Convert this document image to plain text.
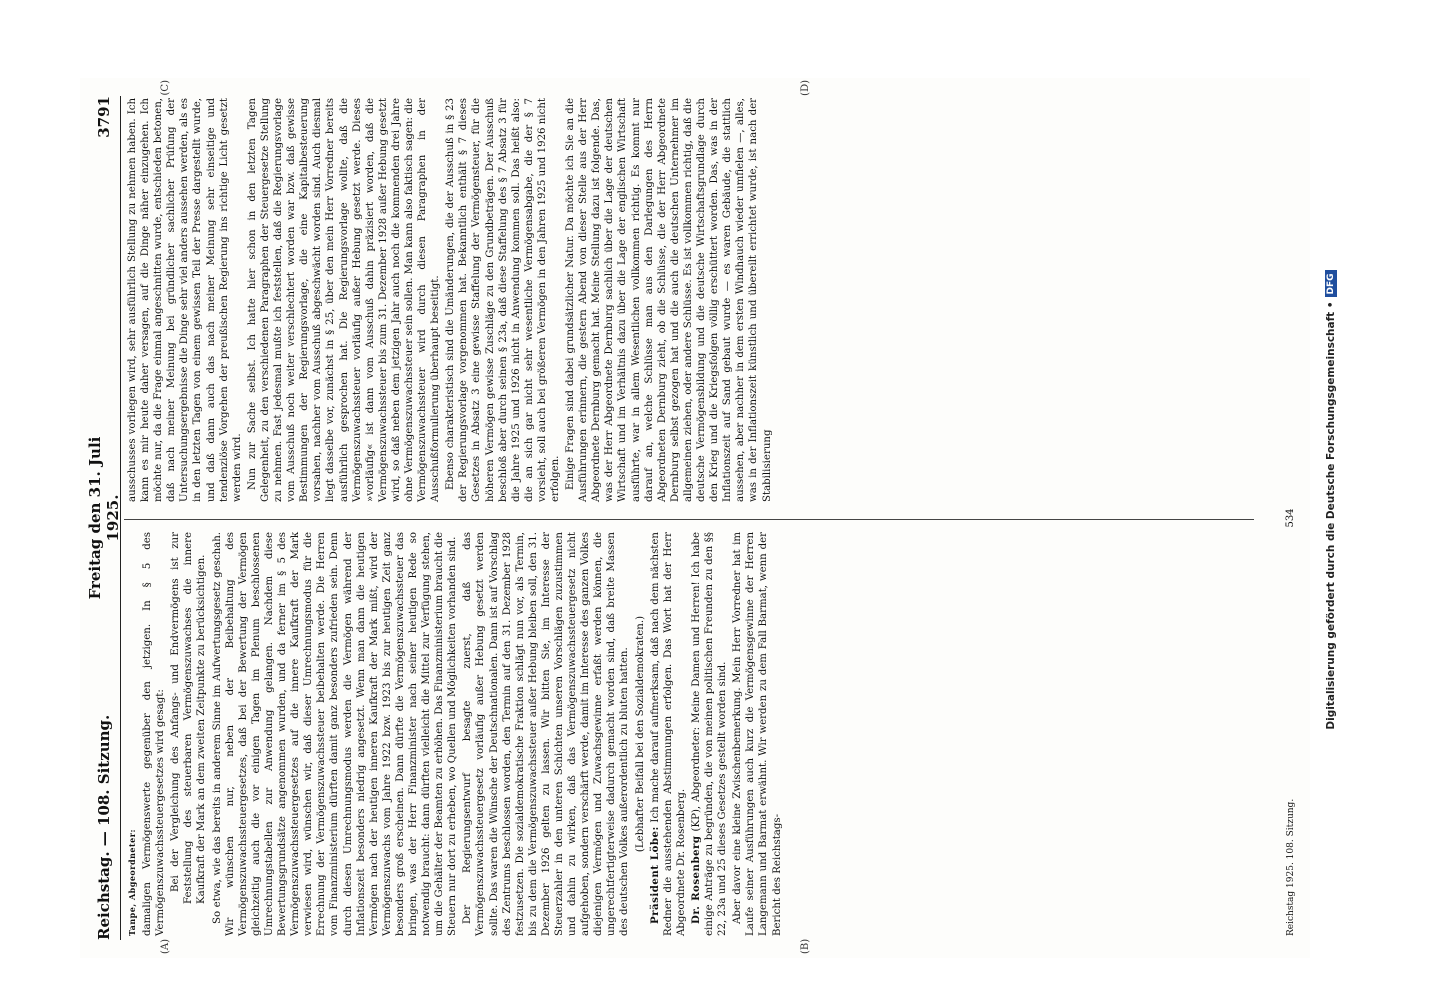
Reichstag. — 108. Sitzung.
Freitag den 31. Juli 1925.
3791
(A)	(B)
(C)	(D)

Tanpe, Abgeordneter: damaligen Vermögenswerte gegenüber den jetzigen. In § 5 des Vermögenszuwachssteuergesetzes wird gesagt: Bei der Vergleichung des Anfangs- und Endvermögens ist zur Feststellung des steuerbaren Vermögenszuwachses die innere Kaufkraft der Mark an dem zweiten Zeitpunkte zu berücksichtigen. So etwa, wie das bereits in anderem Sinne im Aufwertungsgesetz geschah. Wir wünschen nur, neben der Beibehaltung des Vermögenszuwachssteuergesetzes, daß bei der Bewertung der Vermögen gleichzeitig auch die vor einigen Tagen im Plenum beschlossenen Umrechnungstabellen zur Anwendung gelangen. Nachdem diese Bewertungsgrundsätze angenommen wurden, und da ferner im § 5 des Vermögenszuwachssteuergesetzes auf die innere Kaufkraft der Mark verwiesen wird, wünschen wir, daß dieser Umrechnungsmodus für die Errechnung der Vermögenszuwachssteuer beibehalten werde. Die Herren vom Finanzministerium dürften damit ganz besonders zufrieden sein. Denn durch diesen Umrechnungsmodus werden die Vermögen während der Inflationszeit besonders niedrig angesetzt. Wenn man dann die heutigen Vermögen nach der heutigen inneren Kaufkraft der Mark mißt, wird der Vermögenszuwachs vom Jahre 1922 bzw. 1923 bis zur heutigen Zeit ganz besonders groß erscheinen. Dann dürfte die Vermögenszuwachssteuer das bringen, was der Herr Finanzminister nach seiner heutigen Rede so notwendig braucht: dann dürften vielleicht die Mittel zur Verfügung stehen, um die Gehälter der Beamten zu erhöhen. Das Finanzministerium braucht die Steuern nur dort zu erheben, wo Quellen und Möglichkeiten vorhanden sind. Der Regierungsentwurf besagte zuerst, daß das Vermögenszuwachssteuergesetz vorläufig außer Hebung gesetzt werden sollte. Das waren die Wünsche der Deutschnationalen. Dann ist auf Vorschlag des Zentrums beschlossen worden, den Termin auf den 31. Dezember 1928 festzusetzen. Die sozialdemokratische Fraktion schlägt nun vor, als Termin, bis zu dem die Vermögenszuwachssteuer außer Hebung bleiben soll, den 31. Dezember 1926 gelten zu lassen. Wir bitten Sie, im Interesse der Steuerzahler in den unteren Schichten unseren Vorschlägen zuzustimmen und dahin zu wirken, daß das Vermögenszuwachssteuergesetz nicht aufgehoben, sondern verschärft werde, damit im Interesse des ganzen Volkes diejenigen Vermögen und Zuwachsgewinne erfaßt werden können, die ungerechtfertigterweise dadurch gemacht worden sind, daß breite Massen des deutschen Volkes außerordentlich zu bluten hatten. (Lebhafter Beifall bei den Sozialdemokraten.)

Präsident Löbe: Ich mache darauf aufmerksam, daß nach dem nächsten Redner die ausstehenden Abstimmungen erfolgen. Das Wort hat der Herr Abgeordnete Dr. Rosenberg. Dr. Rosenberg (KP), Abgeordneter: Meine Damen und Herren! Ich habe einige Anträge zu begründen, die von meinen politischen Freunden zu den §§ 22, 23a und 25 dieses Gesetzes gestellt worden sind. Aber davor eine kleine Zwischenbemerkung. Mein Herr Vorredner hat im Laufe seiner Ausführungen auch kurz die Vermögensgewinne der Herren Langemann und Barmat erwähnt. Wir werden zu dem Fall Barmat, wenn der Bericht des Reichstags-

ausschusses vorliegen wird, sehr ausführlich Stellung zu nehmen haben. Ich kann es mir heute daher versagen, auf die Dinge näher einzugehen. Ich möchte nur, da die Frage einmal angeschnitten wurde, entschieden betonen, daß nach meiner Meinung bei gründlicher sachlicher Prüfung der Untersuchungsergebnisse die Dinge sehr viel anders aussehen werden, als es in den letzten Tagen von einem gewissen Teil der Presse dargestellt wurde, und daß dann auch das nach meiner Meinung sehr einseitige und tendenziöse Vorgehen der preußischen Regierung ins richtige Licht gesetzt werden wird. Nun zur Sache selbst. Ich hatte hier schon in den letzten Tagen Gelegenheit, zu den verschiedenen Paragraphen der Steuergesetze Stellung zu nehmen. Fast jedesmal mußte ich feststellen, daß die Regierungsvorlage vom Ausschuß noch weiter verschlechtert worden war bzw. daß gewisse Bestimmungen der Regierungsvorlage, die eine Kapitalbesteuerung vorsahen, nachher vom Ausschuß abgeschwächt worden sind. Auch diesmal liegt dasselbe vor, zunächst in § 25, über den mein Herr Vorredner bereits ausführlich gesprochen hat. Die Regierungsvorlage wollte, daß die Vermögenszuwachssteuer vorläufig außer Hebung gesetzt werde. Dieses »vorläufig« ist dann vom Ausschuß dahin präzisiert worden, daß die Vermögenszuwachssteuer bis zum 31. Dezember 1928 außer Hebung gesetzt wird, so daß neben dem jetzigen Jahr auch noch die kommenden drei Jahre ohne Vermögenszuwachssteuer sein sollen. Man kann also faktisch sagen: die Vermögenszuwachssteuer wird durch diesen Paragraphen in der Ausschußformulierung überhaupt beseitigt. Ebenso charakteristisch sind die Umänderungen, die der Ausschuß in § 23 der Regierungsvorlage vorgenommen hat. Bekanntlich enthält § 7 dieses Gesetzes in Absatz 3 eine gewisse Staffelung der Vermögensteuer, für die höheren Vermögen gewisse Zuschläge zu den Grundbeträgen. Der Ausschuß beschloß aber durch seinen § 23a, daß diese Staffelung des § 7 Absatz 3 für die Jahre 1925 und 1926 nicht in Anwendung kommen soll. Das heißt also: die an sich gar nicht sehr wesentliche Vermögensabgabe, die der § 7 vorsieht, soll auch bei größeren Vermögen in den Jahren 1925 und 1926 nicht erfolgen. Einige Fragen sind dabei grundsätzlicher Natur. Da möchte ich Sie an die Ausführungen erinnern, die gestern Abend von dieser Stelle aus der Herr Abgeordnete Dernburg gemacht hat. Meine Stellung dazu ist folgende. Das, was der Herr Abgeordnete Dernburg sachlich über die Lage der deutschen Wirtschaft und im Verhältnis dazu über die Lage der englischen Wirtschaft ausführte, war in allem Wesentlichen vollkommen richtig. Es kommt nur darauf an, welche Schlüsse man aus den Darlegungen des Herrn Abgeordneten Dernburg zieht, ob die Schlüsse, die der Herr Abgeordnete Dernburg selbst gezogen hat und die auch die deutschen Unternehmer im allgemeinen ziehen, oder andere Schlüsse. Es ist vollkommen richtig, daß die deutsche Vermögensbildung und die deutsche Wirtschaftsgrundlage durch den Krieg und die Kriegsfolgen völlig erschüttert worden. Das, was in der Inflationszeit auf Sand gebaut wurde — es waren Gebäude, die stattlich aussehen, aber nachher in dem ersten Windhauch wieder umfielen —, alles, was in der Inflationszeit künstlich und übereilt errichtet wurde, ist nach der Stabilisierung

Reichstag 1925. 108. Sitzung.
534	Digitalisierung gefördert durch die Deutsche Forschungsgemeinschaft •
DFG
